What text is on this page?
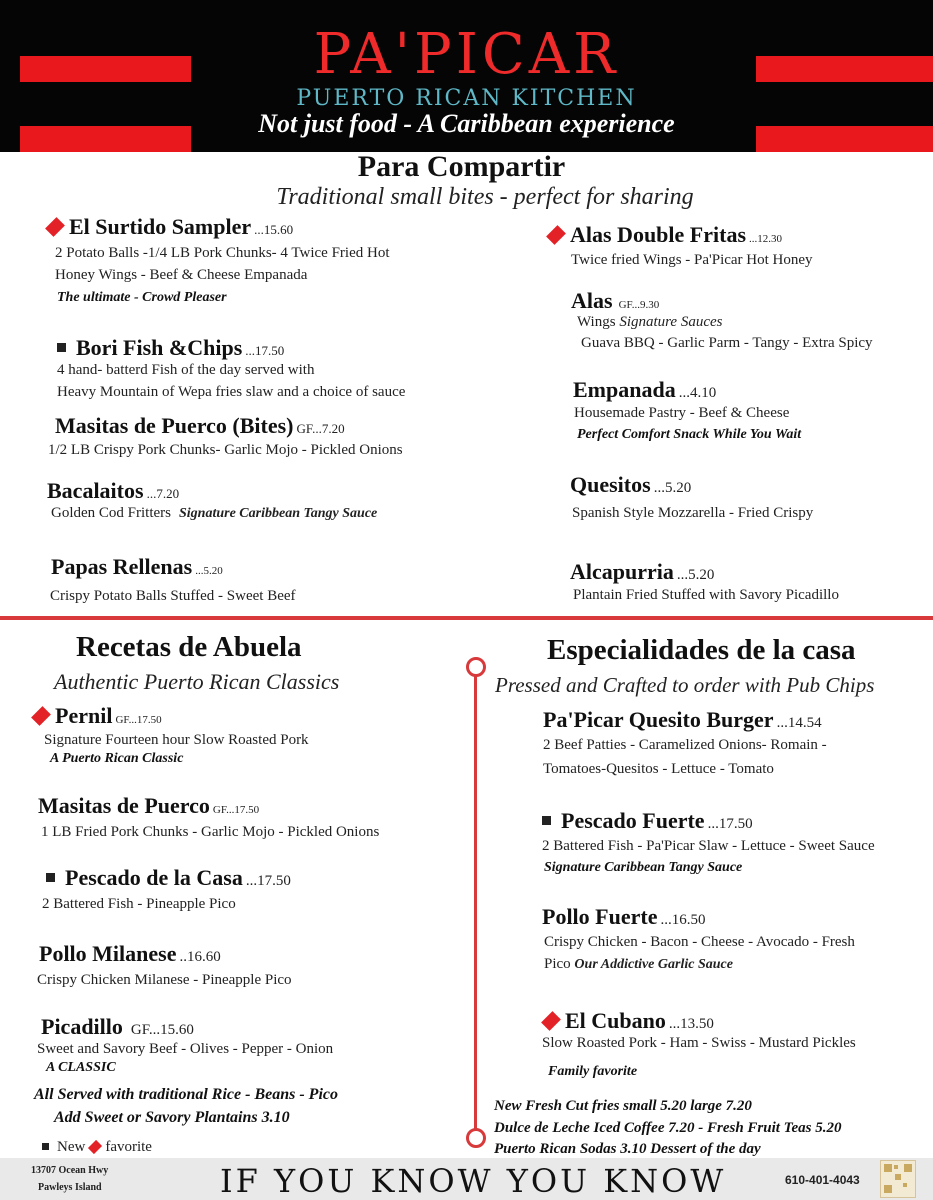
PA'PICAR
PUERTO RICAN KITCHEN
Not just food - A Caribbean experience
Para Compartir
Traditional small bites - perfect for sharing
El Surtido Sampler ...15.60
2 Potato Balls -1/4 LB Pork Chunks- 4 Twice Fried Hot
Honey Wings - Beef & Cheese Empanada
The ultimate - Crowd Pleaser
Bori Fish &Chips ...17.50
4 hand- batterd Fish of the day served with
Heavy Mountain of Wepa fries slaw and a choice of sauce
Masitas de Puerco (Bites) GF...7.20
1/2 LB Crispy Pork Chunks- Garlic Mojo - Pickled Onions
Bacalaitos ...7.20
Golden Cod Fritters Signature Caribbean Tangy Sauce
Papas Rellenas ...5.20
Crispy Potato Balls Stuffed - Sweet Beef
Alas Double Fritas ...12.30
Twice fried Wings - Pa'Picar Hot Honey
Alas GF...9.30
Wings Signature Sauces
Guava BBQ - Garlic Parm - Tangy - Extra Spicy
Empanada ...4.10
Housemade Pastry - Beef & Cheese
Perfect Comfort Snack While You Wait
Quesitos ...5.20
Spanish Style Mozzarella - Fried Crispy
Alcapurria ...5.20
Plantain Fried Stuffed with Savory Picadillo
Recetas de Abuela
Authentic Puerto Rican Classics
Pernil GF...17.50
Signature Fourteen hour Slow Roasted Pork
A Puerto Rican Classic
Masitas de Puerco GF...17.50
1 LB Fried Pork Chunks - Garlic Mojo - Pickled Onions
Pescado de la Casa ...17.50
2 Battered Fish - Pineapple Pico
Pollo Milanese ..16.60
Crispy Chicken Milanese - Pineapple Pico
Picadillo GF...15.60
Sweet and Savory Beef - Olives - Pepper - Onion
A CLASSIC
All Served with traditional Rice - Beans - Pico
Add Sweet or Savory Plantains 3.10
New favorite
Especialidades de la casa
Pressed and Crafted to order with Pub Chips
Pa'Picar Quesito Burger ...14.54
2 Beef Patties - Caramelized Onions- Romain -
Tomatoes-Quesitos - Lettuce - Tomato
Pescado Fuerte ...17.50
2 Battered Fish - Pa'Picar Slaw - Lettuce - Sweet Sauce
Signature Caribbean Tangy Sauce
Pollo Fuerte ...16.50
Crispy Chicken - Bacon - Cheese - Avocado - Fresh
Pico Our Addictive Garlic Sauce
El Cubano ...13.50
Slow Roasted Pork - Ham - Swiss - Mustard Pickles
Family favorite
New Fresh Cut fries small 5.20 large 7.20
Dulce de Leche Iced Coffee 7.20 - Fresh Fruit Teas 5.20
Puerto Rican Sodas 3.10 Dessert of the day
13707 Ocean Hwy
Pawleys Island	IF YOU KNOW YOU KNOW	610-401-4043
